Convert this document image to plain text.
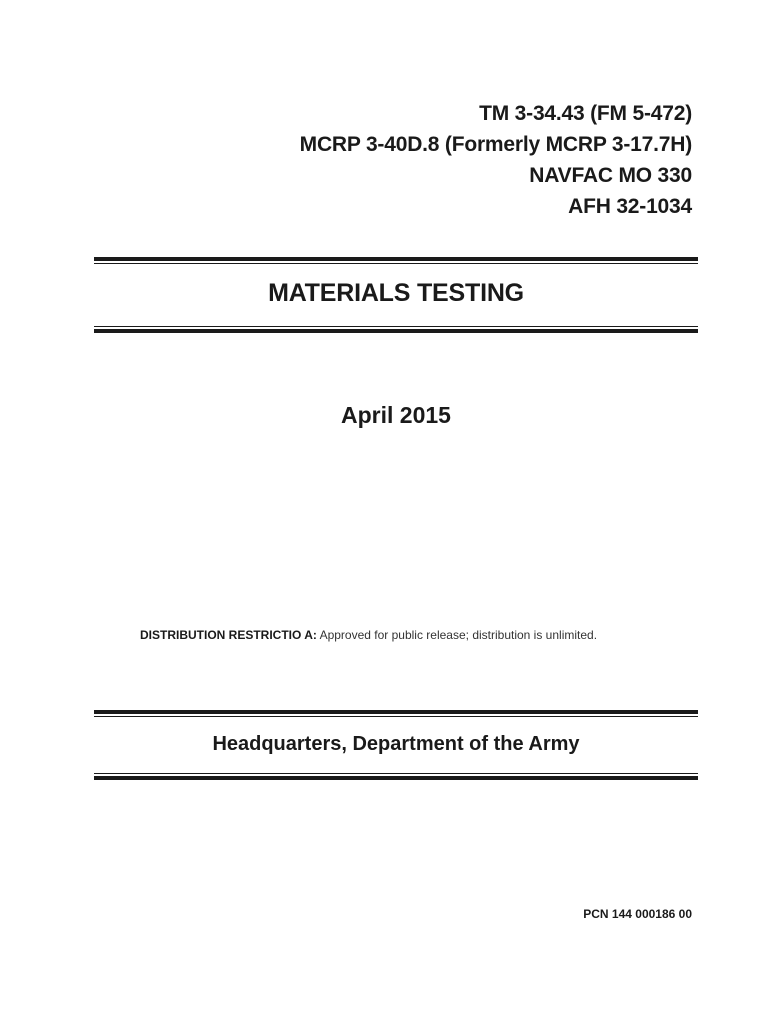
TM 3-34.43 (FM 5-472)
MCRP 3-40D.8 (Formerly MCRP 3-17.7H)
NAVFAC MO 330
AFH 32-1034
MATERIALS TESTING
April 2015
DISTRIBUTION RESTRICTIO A: Approved for public release; distribution is unlimited.
Headquarters, Department of the Army
PCN 144 000186 00
